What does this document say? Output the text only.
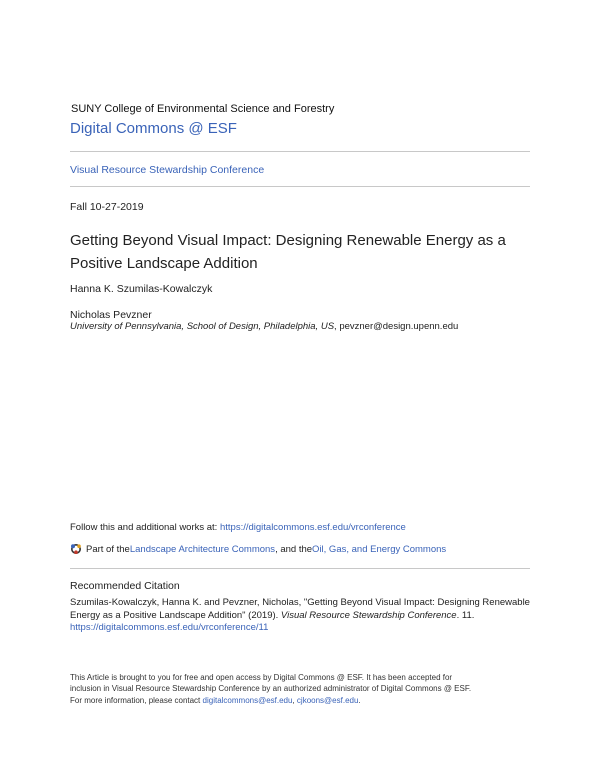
SUNY College of Environmental Science and Forestry
Digital Commons @ ESF
Visual Resource Stewardship Conference
Fall 10-27-2019
Getting Beyond Visual Impact: Designing Renewable Energy as a Positive Landscape Addition
Hanna K. Szumilas-Kowalczyk
Nicholas Pevzner
University of Pennsylvania, School of Design, Philadelphia, US, pevzner@design.upenn.edu
Follow this and additional works at: https://digitalcommons.esf.edu/vrconference
Part of the Landscape Architecture Commons , and the Oil, Gas, and Energy Commons
Recommended Citation
Szumilas-Kowalczyk, Hanna K. and Pevzner, Nicholas, "Getting Beyond Visual Impact: Designing Renewable Energy as a Positive Landscape Addition" (2019). Visual Resource Stewardship Conference. 11.
https://digitalcommons.esf.edu/vrconference/11
This Article is brought to you for free and open access by Digital Commons @ ESF. It has been accepted for
inclusion in Visual Resource Stewardship Conference by an authorized administrator of Digital Commons @ ESF.
For more information, please contact digitalcommons@esf.edu, cjkoons@esf.edu.
